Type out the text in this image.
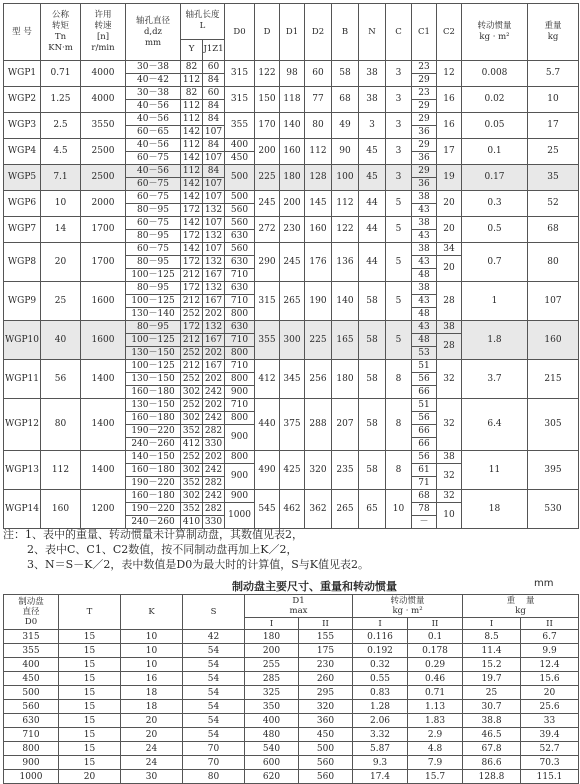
型 号	公称
转矩
Tn
KN·m	许用
转速
[n]
r/min	轴孔直径
d,dz
mm	轴孔长度
L		D0	D	D1	D2	B	N	C	C1	C2	转动惯量
kg · m²	重量
kg

				Y	J1Z1											
WGP1	0.71	4000	30－38	82	60	315	122	98	60	58	38	3	23	12	0.008	5.7
			40－42	112	84								29			
WGP2	1.25	4000	30－38	82	60	315	150	118	77	68	38	3	23	16	0.02	10
			40－56	112	84								29			
WGP3	2.5	3550	40－56	112	84	355	170	140	80	49	3	3	29	16	0.05	17
			60－65	142	107								36			
WGP4	4.5	2500	40－56	112	84	400	200	160	112	90	45	3	29	17	0.1	25
			60－75	142	107	450							36			
WGP5	7.1	2500	40－56	112	84	500	225	180	128	100	45	3	29	19	0.17	35
			60－75	142	107								36			
WGP6	10	2000	60－75	142	107	500	245	200	145	112	44	5	38	20	0.3	52
			80－95	172	132	560							43			
WGP7	14	1700	60－75	142	107	560	272	230	160	122	44	5	38	20	0.5	68
			80－95	172	132	630							43			
WGP8	20	1700	60－75	142	107	560	290	245	176	136	44	5	38	34	0.7	80
			80－95	172	132	630							43	20		
			100－125	212	167	710							48			
WGP9	25	1600	80－95	172	132	630	315	265	190	140	58	5	38	28	1	107
			100－125	212	167	710							43			
			130－140	252	202	800							48			
WGP10	40	1600	80－95	172	132	630	355	300	225	165	58	5	43	38	1.8	160
			100－125	212	167	710							48	28		
			130－150	252	202	800							53			
WGP11	56	1400	100－125	212	167	710	412	345	256	180	58	8	51	32	3.7	215
			130－150	252	202	800							56			
			160－180	302	242	900							66			
WGP12	80	1400	130－150	252	202	710	440	375	288	207	58	8	51	32	6.4	305
			160－180	302	242	800							56			
			190－220	352	282	900							66			
			240－260	412	330								66			
WGP13	112	1400	140－150	252	202	800	490	425	320	235	58	8	56	38	11	395
			160－180	302	242	900							61	32		
			190－220	352	282								71			
WGP14	160	1200	160－180	302	242	900	545	462	362	265	65	10	68	32	18	530
			190－220	352	282	1000							78	10		
			240－260	410	330								－			
注：1、表中的重量、转动惯量未计算制动盘，其数值见表2，
2、表中C、C1、C2数值，按不同制动盘再加上K／2，
3、N＝S－K／2，表中数值是D0为最大时的计算值，S与K值见表2。
制动盘主要尺寸、重量和转动惯量	mm
制动盘
直径
D0	T	K	S	D1
max		转动惯量
kg · m²		重 量
kg	

				I	II	I	II	I	II
315	15	10	42	180	155	0.116	0.1	8.5	6.7
355	15	10	54	200	175	0.192	0.178	11.4	9.9
400	15	10	54	255	230	0.32	0.29	15.2	12.4
450	15	16	54	285	260	0.55	0.46	19.7	15.6
500	15	18	54	325	295	0.83	0.71	25	20
560	15	18	54	350	320	1.28	1.13	30.7	25.6
630	15	20	54	400	360	2.06	1.83	38.8	33
710	15	20	54	480	450	3.32	2.9	46.5	39.4
800	15	24	70	540	500	5.87	4.8	67.8	52.7
900	15	24	70	600	560	9.3	7.9	86.6	70.3
1000	20	30	80	620	560	17.4	15.7	128.8	115.1
